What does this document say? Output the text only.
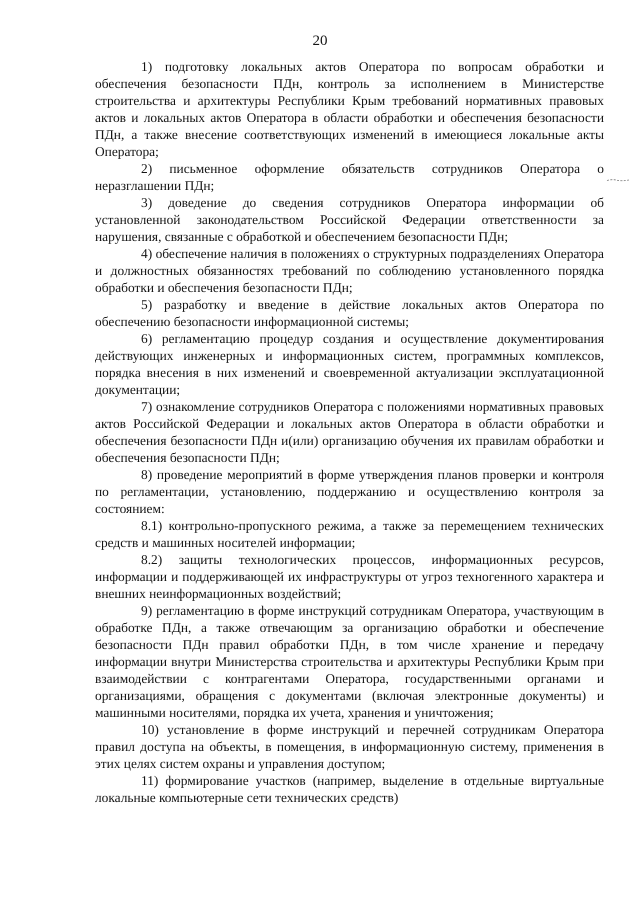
20

1) подготовку локальных актов Оператора по вопросам обработки и обеспечения безопасности ПДн, контроль за исполнением в Министерстве строительства и архитектуры Республики Крым требований нормативных правовых актов и локальных актов Оператора в области обработки и обеспечения безопасности ПДн, а также внесение соответствующих изменений в имеющиеся локальные акты Оператора;

2) письменное оформление обязательств сотрудников Оператора о неразглашении ПДн;

3) доведение до сведения сотрудников Оператора информации об установленной законодательством Российской Федерации ответственности за нарушения, связанные с обработкой и обеспечением безопасности ПДн;

4) обеспечение наличия в положениях о структурных подразделениях Оператора и должностных обязанностях требований по соблюдению установленного порядка обработки и обеспечения безопасности ПДн;

5) разработку и введение в действие локальных актов Оператора по обеспечению безопасности информационной системы;

6) регламентацию процедур создания и осуществление документирования действующих инженерных и информационных систем, программных комплексов, порядка внесения в них изменений и своевременной актуализации эксплуатационной документации;

7) ознакомление сотрудников Оператора с положениями нормативных правовых актов Российской Федерации и локальных актов Оператора в области обработки и обеспечения безопасности ПДн и(или) организацию обучения их правилам обработки и обеспечения безопасности ПДн;

8) проведение мероприятий в форме утверждения планов проверки и контроля по регламентации, установлению, поддержанию и осуществлению контроля за состоянием:

8.1) контрольно-пропускного режима, а также за перемещением технических средств и машинных носителей информации;

8.2) защиты технологических процессов, информационных ресурсов, информации и поддерживающей их инфраструктуры от угроз техногенного характера и внешних неинформационных воздействий;

9) регламентацию в форме инструкций сотрудникам Оператора, участвующим в обработке ПДн, а также отвечающим за организацию обработки и обеспечение безопасности ПДн правил обработки ПДн, в том числе хранение и передачу информации внутри Министерства строительства и архитектуры Республики Крым при взаимодействии с контрагентами Оператора, государственными органами и организациями, обращения с документами (включая электронные документы) и машинными носителями, порядка их учета, хранения и уничтожения;

10) установление в форме инструкций и перечней сотрудникам Оператора правил доступа на объекты, в помещения, в информационную систему, применения в этих целях систем охраны и управления доступом;

11) формирование участков (например, выделение в отдельные виртуальные локальные компьютерные сети технических средств)
